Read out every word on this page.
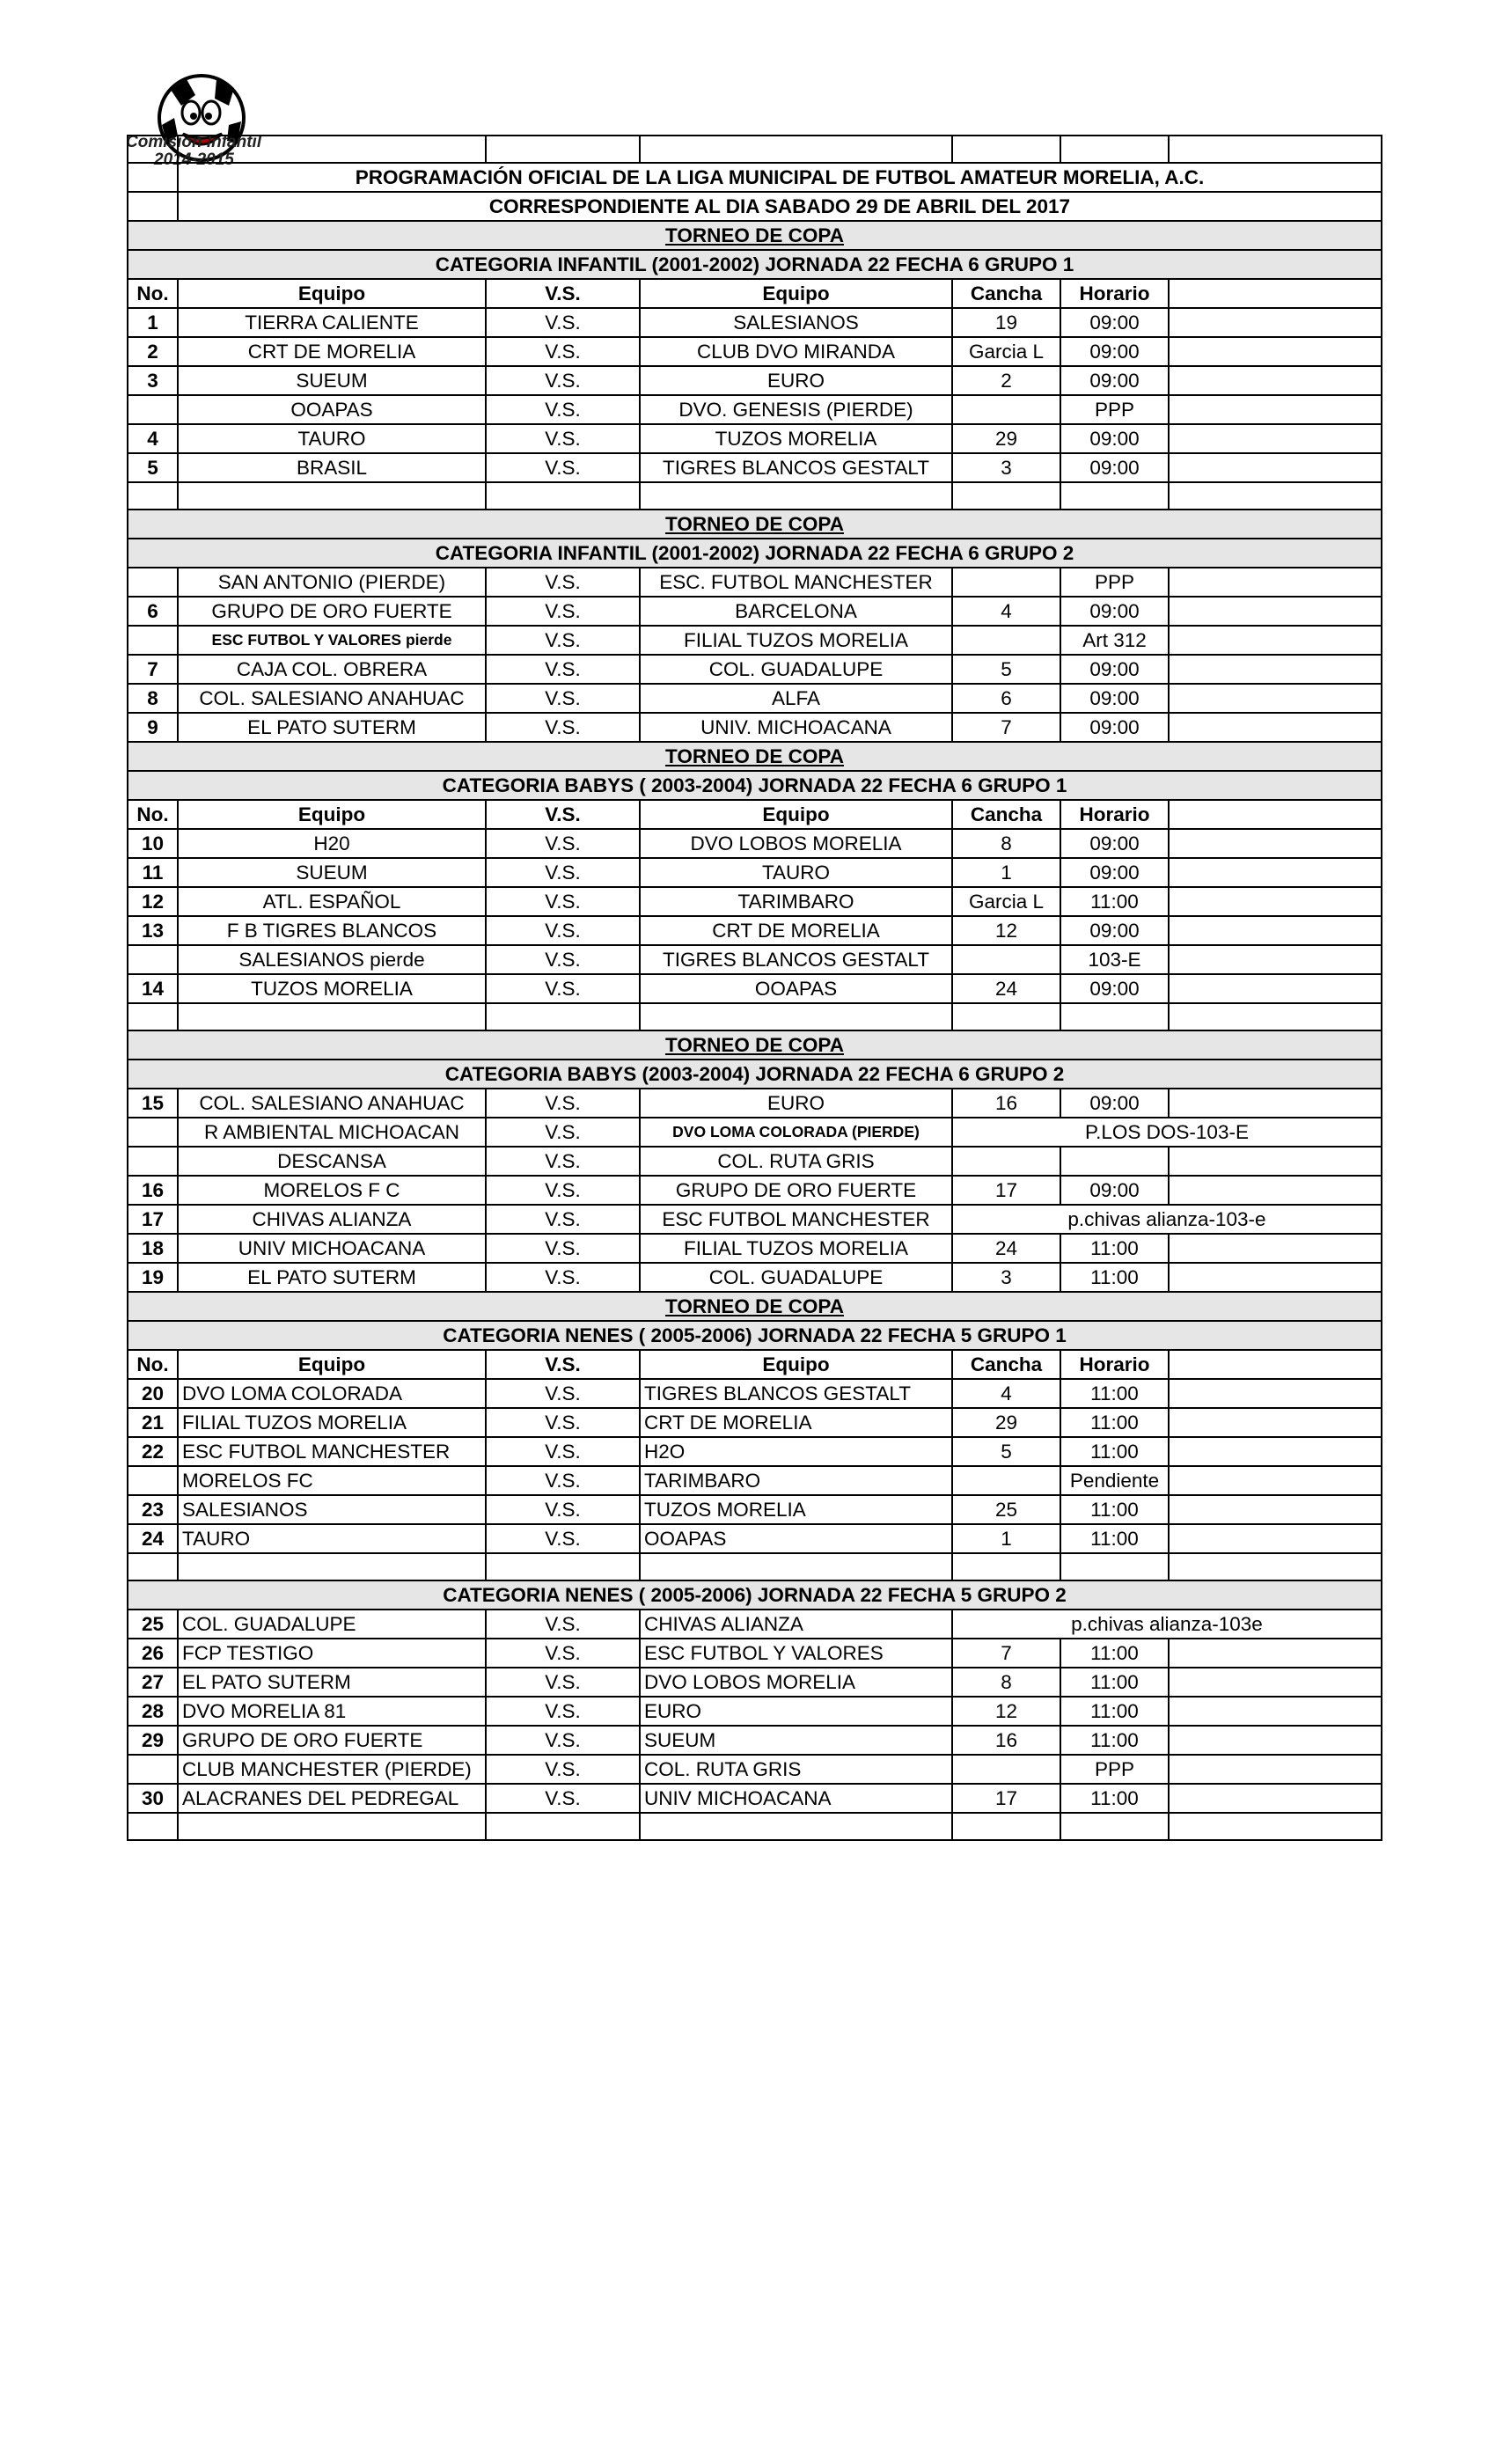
Comisión Infantil
2014-2015

	PROGRAMACIÓN OFICIAL DE LA LIGA MUNICIPAL DE FUTBOL AMATEUR MORELIA, A.C.					
	CORRESPONDIENTE AL DIA SABADO 29 DE ABRIL DEL 2017					
TORNEO DE COPA						
CATEGORIA INFANTIL (2001-2002) JORNADA 22 FECHA 6 GRUPO 1						
No.	Equipo	V.S.	Equipo	Cancha	Horario	
1	TIERRA CALIENTE	V.S.	SALESIANOS	19	09:00	
2	CRT DE MORELIA	V.S.	CLUB DVO MIRANDA	Garcia L	09:00	
3	SUEUM	V.S.	EURO	2	09:00	
	OOAPAS	V.S.	DVO. GENESIS (PIERDE)		PPP	
4	TAURO	V.S.	TUZOS MORELIA	29	09:00	
5	BRASIL	V.S.	TIGRES BLANCOS GESTALT	3	09:00	

TORNEO DE COPA						
CATEGORIA INFANTIL (2001-2002) JORNADA 22 FECHA 6 GRUPO 2						
	SAN ANTONIO (PIERDE)	V.S.	ESC. FUTBOL MANCHESTER		PPP	
6	GRUPO DE ORO FUERTE	V.S.	BARCELONA	4	09:00	
	ESC FUTBOL Y VALORES pierde	V.S.	FILIAL TUZOS MORELIA		Art 312	
7	CAJA COL. OBRERA	V.S.	COL. GUADALUPE	5	09:00	
8	COL. SALESIANO ANAHUAC	V.S.	ALFA	6	09:00	
9	EL PATO SUTERM	V.S.	UNIV. MICHOACANA	7	09:00	
TORNEO DE COPA						
CATEGORIA BABYS ( 2003-2004) JORNADA 22 FECHA 6 GRUPO 1						
No.	Equipo	V.S.	Equipo	Cancha	Horario	
10	H20	V.S.	DVO LOBOS MORELIA	8	09:00	
11	SUEUM	V.S.	TAURO	1	09:00	
12	ATL. ESPAÑOL	V.S.	TARIMBARO	Garcia L	11:00	
13	F B TIGRES BLANCOS	V.S.	CRT DE MORELIA	12	09:00	
	SALESIANOS pierde	V.S.	TIGRES BLANCOS GESTALT		103-E	
14	TUZOS MORELIA	V.S.	OOAPAS	24	09:00	

TORNEO DE COPA						
CATEGORIA BABYS (2003-2004) JORNADA 22 FECHA 6 GRUPO 2						
15	COL. SALESIANO ANAHUAC	V.S.	EURO	16	09:00	
	R AMBIENTAL MICHOACAN	V.S.	DVO LOMA COLORADA (PIERDE)	P.LOS DOS-103-E		
	DESCANSA	V.S.	COL. RUTA GRIS			
16	MORELOS F C	V.S.	GRUPO DE ORO FUERTE	17	09:00	
17	CHIVAS ALIANZA	V.S.	ESC FUTBOL MANCHESTER	p.chivas alianza-103-e		
18	UNIV MICHOACANA	V.S.	FILIAL TUZOS MORELIA	24	11:00	
19	EL PATO SUTERM	V.S.	COL. GUADALUPE	3	11:00	
TORNEO DE COPA						
CATEGORIA NENES ( 2005-2006) JORNADA 22 FECHA 5 GRUPO 1						
No.	Equipo	V.S.	Equipo	Cancha	Horario	
20	DVO LOMA COLORADA	V.S.	TIGRES BLANCOS GESTALT	4	11:00	
21	FILIAL TUZOS MORELIA	V.S.	CRT DE MORELIA	29	11:00	
22	ESC FUTBOL MANCHESTER	V.S.	H2O	5	11:00	
	MORELOS FC	V.S.	TARIMBARO		Pendiente	
23	SALESIANOS	V.S.	TUZOS MORELIA	25	11:00	
24	TAURO	V.S.	OOAPAS	1	11:00	

CATEGORIA NENES ( 2005-2006) JORNADA 22 FECHA 5 GRUPO 2						
25	COL. GUADALUPE	V.S.	CHIVAS ALIANZA	p.chivas alianza-103e		
26	FCP TESTIGO	V.S.	ESC FUTBOL Y VALORES	7	11:00	
27	EL PATO SUTERM	V.S.	DVO LOBOS MORELIA	8	11:00	
28	DVO MORELIA 81	V.S.	EURO	12	11:00	
29	GRUPO DE ORO FUERTE	V.S.	SUEUM	16	11:00	
	CLUB MANCHESTER (PIERDE)	V.S.	COL. RUTA GRIS		PPP	
30	ALACRANES DEL PEDREGAL	V.S.	UNIV MICHOACANA	17	11:00	
